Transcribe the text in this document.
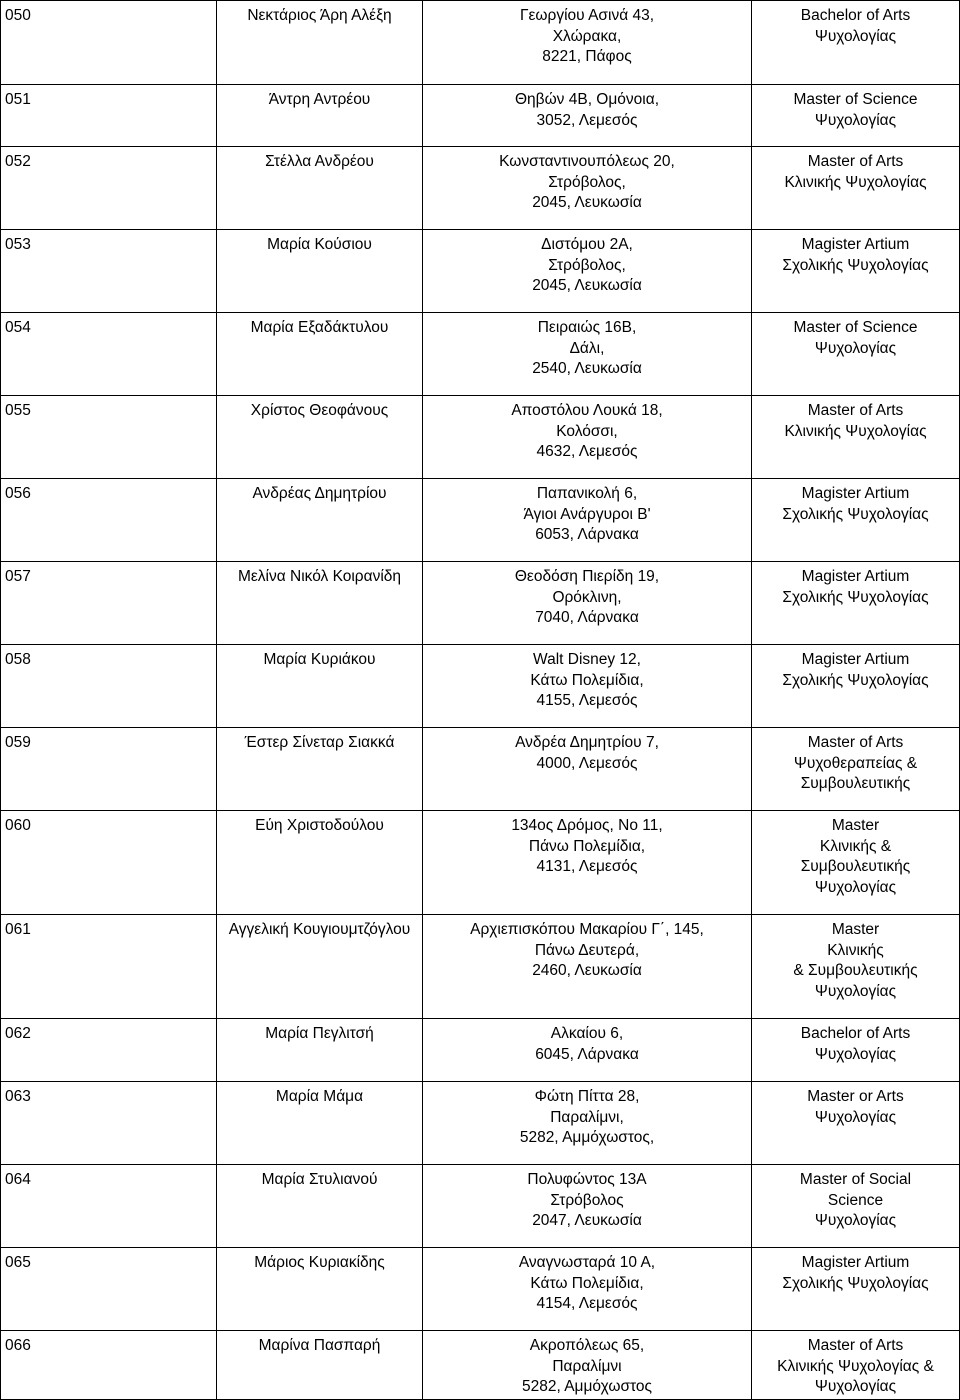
050	Νεκτάριος Άρη Αλέξη	Γεωργίου Ασινά 43,
Χλώρακα,
8221, Πάφος	Bachelor of Arts
Ψυχολογίας

051	Άντρη Αντρέου	Θηβών 4Β, Ομόνοια,
3052, Λεμεσός	Master of Science
Ψυχολογίας

052	Στέλλα Ανδρέου	Κωνσταντινουπόλεως 20,
Στρόβολος,
2045, Λευκωσία	Master of Arts
Κλινικής Ψυχολογίας

053	Μαρία Κούσιου	Διστόμου 2Α,
Στρόβολος,
2045, Λευκωσία	Magister Artium
Σχολικής Ψυχολογίας

054	Μαρία Εξαδάκτυλου	Πειραιώς 16Β,
Δάλι,
2540, Λευκωσία	Master of Science
Ψυχολογίας

055	Χρίστος Θεοφάνους	Αποστόλου Λουκά 18,
Κολόσσι,
4632, Λεμεσός	Master of Arts
Κλινικής Ψυχολογίας

056	Ανδρέας Δημητρίου	Παπανικολή 6,
Άγιοι Ανάργυροι Β'
6053, Λάρνακα	Magister Artium
Σχολικής Ψυχολογίας

057	Μελίνα Νικόλ Κοιρανίδη	Θεοδόση Πιερίδη 19,
Ορόκλινη,
7040, Λάρνακα	Magister Artium
Σχολικής Ψυχολογίας

058	Μαρία Κυριάκου	Walt Disney 12,
Κάτω Πολεμίδια,
4155, Λεμεσός	Magister Artium
Σχολικής Ψυχολογίας

059	Έστερ Σίνεταρ Σιακκά	Ανδρέα Δημητρίου 7,
4000, Λεμεσός	Master of Arts
Ψυχοθεραπείας &
Συμβουλευτικής

060	Εύη Χριστοδούλου	134ος Δρόμος, Νο 11,
Πάνω Πολεμίδια,
4131, Λεμεσός	Master
Κλινικής &
Συμβουλευτικής
Ψυχολογίας

061	Αγγελική Κουγιουμτζόγλου	Αρχιεπισκόπου Μακαρίου Γ΄, 145,
Πάνω Δευτερά,
2460, Λευκωσία	Master
Κλινικής
& Συμβουλευτικής
Ψυχολογίας

062	Μαρία Πεγλιτσή	Αλκαίου 6,
6045, Λάρνακα	Bachelor of Arts
Ψυχολογίας

063	Μαρία Μάμα	Φώτη Πίττα 28,
Παραλίμνι,
5282, Αμμόχωστος,	Master or Arts
Ψυχολογίας

064	Μαρία Στυλιανού	Πολυφώντος 13Α
Στρόβολος
2047, Λευκωσία	Master of Social
Science
Ψυχολογίας

065	Μάριος Κυριακίδης	Αναγνωσταρά 10 Α,
Κάτω Πολεμίδια,
4154, Λεμεσός	Magister Artium
Σχολικής Ψυχολογίας

066	Μαρίνα Πασπαρή	Ακροπόλεως 65,
Παραλίμνι
5282, Αμμόχωστος	Master of Arts
Κλινικής Ψυχολογίας &
Ψυχολογίας
